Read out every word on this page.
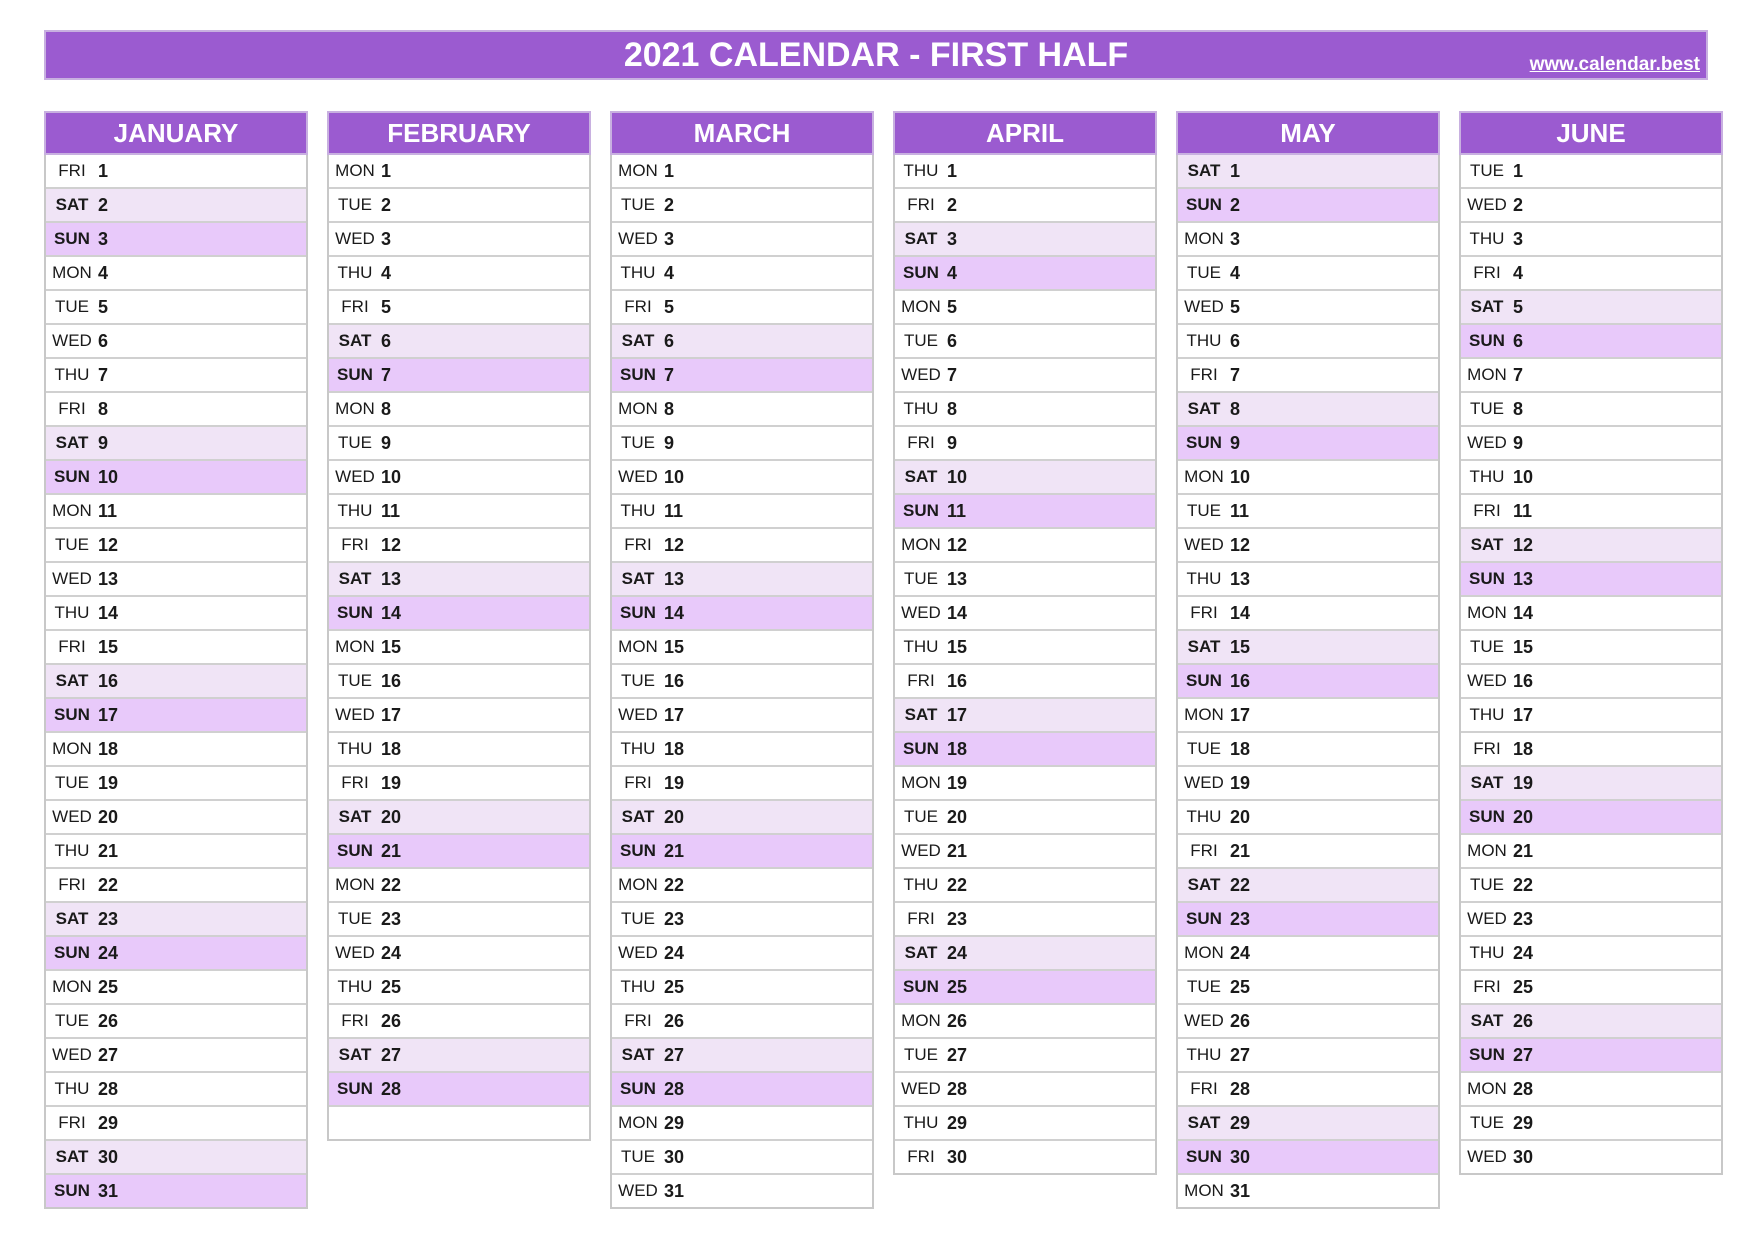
2021 CALENDAR - FIRST HALF	www.calendar.best
JANUARY
FRI 1
SAT 2
SUN 3
MON 4
TUE 5
WED 6
THU 7
FRI 8
SAT 9
SUN 10
MON 11
TUE 12
WED 13
THU 14
FRI 15
SAT 16
SUN 17
MON 18
TUE 19
WED 20
THU 21
FRI 22
SAT 23
SUN 24
MON 25
TUE 26
WED 27
THU 28
FRI 29
SAT 30
SUN 31
FEBRUARY
MON 1
TUE 2
WED 3
THU 4
FRI 5
SAT 6
SUN 7
MON 8
TUE 9
WED 10
THU 11
FRI 12
SAT 13
SUN 14
MON 15
TUE 16
WED 17
THU 18
FRI 19
SAT 20
SUN 21
MON 22
TUE 23
WED 24
THU 25
FRI 26
SAT 27
SUN 28
MARCH
MON 1
TUE 2
WED 3
THU 4
FRI 5
SAT 6
SUN 7
MON 8
TUE 9
WED 10
THU 11
FRI 12
SAT 13
SUN 14
MON 15
TUE 16
WED 17
THU 18
FRI 19
SAT 20
SUN 21
MON 22
TUE 23
WED 24
THU 25
FRI 26
SAT 27
SUN 28
MON 29
TUE 30
WED 31
APRIL
THU 1
FRI 2
SAT 3
SUN 4
MON 5
TUE 6
WED 7
THU 8
FRI 9
SAT 10
SUN 11
MON 12
TUE 13
WED 14
THU 15
FRI 16
SAT 17
SUN 18
MON 19
TUE 20
WED 21
THU 22
FRI 23
SAT 24
SUN 25
MON 26
TUE 27
WED 28
THU 29
FRI 30
MAY
SAT 1
SUN 2
MON 3
TUE 4
WED 5
THU 6
FRI 7
SAT 8
SUN 9
MON 10
TUE 11
WED 12
THU 13
FRI 14
SAT 15
SUN 16
MON 17
TUE 18
WED 19
THU 20
FRI 21
SAT 22
SUN 23
MON 24
TUE 25
WED 26
THU 27
FRI 28
SAT 29
SUN 30
MON 31
JUNE
TUE 1
WED 2
THU 3
FRI 4
SAT 5
SUN 6
MON 7
TUE 8
WED 9
THU 10
FRI 11
SAT 12
SUN 13
MON 14
TUE 15
WED 16
THU 17
FRI 18
SAT 19
SUN 20
MON 21
TUE 22
WED 23
THU 24
FRI 25
SAT 26
SUN 27
MON 28
TUE 29
WED 30
